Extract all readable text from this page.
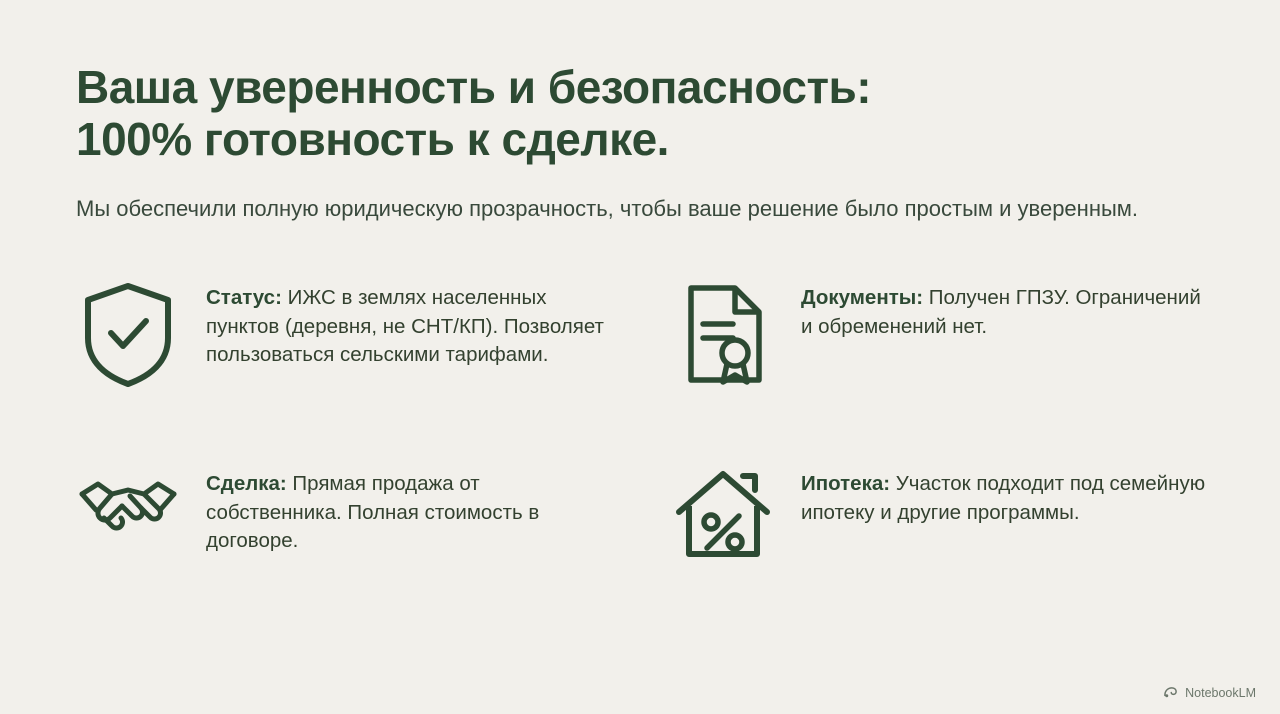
Ваша уверенность и безопасность:
100% готовность к сделке.

Мы обеспечили полную юридическую прозрачность, чтобы ваше решение было простым и уверенным.

Статус: ИЖС в землях населенных пунктов (деревня, не СНТ/КП). Позволяет пользоваться сельскими тарифами.
Документы: Получен ГПЗУ. Ограничений и обременений нет.
Сделка: Прямая продажа от собственника. Полная стоимость в договоре.
Ипотека: Участок подходит под семейную ипотеку и другие программы.
NotebookLM
